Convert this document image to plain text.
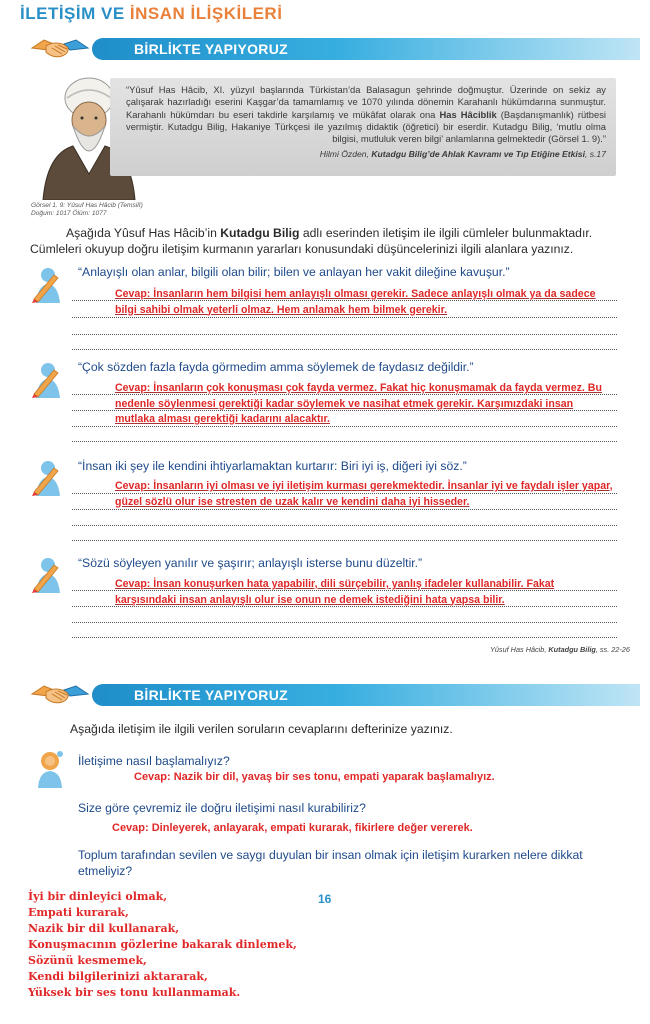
İLETİŞİM VE İNSAN İLİŞKİLERİ
BİRLİKTE YAPIYORUZ
“Yûsuf Has Hâcib, XI. yüzyıl başlarında Türkistan’da Balasagun şehrinde doğmuştur. Üzerinde on sekiz ay çalışarak hazırladığı eserini Kaşgar’da tamamlamış ve 1070 yılında dönemin Karahanlı hükümdarına sunmuştur. Karahanlı hükümdarı bu eseri takdirle karşılamış ve mükâfat olarak ona Has Hâciblik (Başdanışmanlık) rütbesi vermiştir. Kutadgu Bilig, Hakaniye Türkçesi ile yazılmış didaktik (öğretici) bir eserdir. Kutadgu Bilig, ‘mutlu olma bilgisi, mutluluk veren bilgi’ anlamlarına gelmektedir (Görsel 1. 9).”
Hilmi Özden, Kutadgu Bilig’de Ahlak Kavramı ve Tıp Etiğine Etkisi, s.17
Görsel 1. 9: Yûsuf Has Hâcib (Temsilî)
Doğum: 1017 Ölüm: 1077
Aşağıda Yûsuf Has Hâcib’in Kutadgu Bilig adlı eserinden iletişim ile ilgili cümleler bulunmaktadır. Cümleleri okuyup doğru iletişim kurmanın yararları konusundaki düşüncelerinizi ilgili alanlara yazınız.
“Anlayışlı olan anlar, bilgili olan bilir; bilen ve anlayan her vakit dileğine kavuşur.”
Cevap: İnsanların hem bilgisi hem anlayışlı olması gerekir. Sadece anlayışlı olmak ya da sadece bilgi sahibi olmak yeterli olmaz. Hem anlamak hem bilmek gerekir.
“Çok sözden fazla fayda görmedim amma söylemek de faydasız değildir.”
Cevap: İnsanların çok konuşması çok fayda vermez. Fakat hiç konuşmamak da fayda vermez. Bu nedenle söylenmesi gerektiği kadar söylemek ve nasihat etmek gerekir. Karşımızdaki insan mutlaka alması gerektiği kadarını alacaktır.
“İnsan iki şey ile kendini ihtiyarlamaktan kurtarır: Biri iyi iş, diğeri iyi söz.”
Cevap: İnsanların iyi olması ve iyi iletişim kurması gerekmektedir. İnsanlar iyi ve faydalı işler yapar, güzel sözlü olur ise stresten de uzak kalır ve kendini daha iyi hisseder.
“Sözü söyleyen yanılır ve şaşırır; anlayışlı isterse bunu düzeltir.”
Cevap: İnsan konuşurken hata yapabilir, dili sürçebilir, yanlış ifadeler kullanabilir. Fakat karşısındaki insan anlayışlı olur ise onun ne demek istediğini hata yapsa bilir.
Yûsuf Has Hâcib, Kutadgu Bilig, ss. 22-26
BİRLİKTE YAPIYORUZ
Aşağıda iletişim ile ilgili verilen soruların cevaplarını defterinize yazınız.
İletişime nasıl başlamalıyız?
Cevap: Nazik bir dil, yavaş bir ses tonu, empati yaparak başlamalıyız.
Size göre çevremiz ile doğru iletişimi nasıl kurabiliriz?
Cevap: Dinleyerek, anlayarak, empati kurarak, fikirlere değer vererek.
Toplum tarafından sevilen ve saygı duyulan bir insan olmak için iletişim kurarken nelere dikkat etmeliyiz?
16
İyi bir dinleyici olmak,
Empati kurarak,
Nazik bir dil kullanarak,
Konuşmacının gözlerine bakarak dinlemek,
Sözünü kesmemek,
Kendi bilgilerinizi aktararak,
Yüksek bir ses tonu kullanmamak.
